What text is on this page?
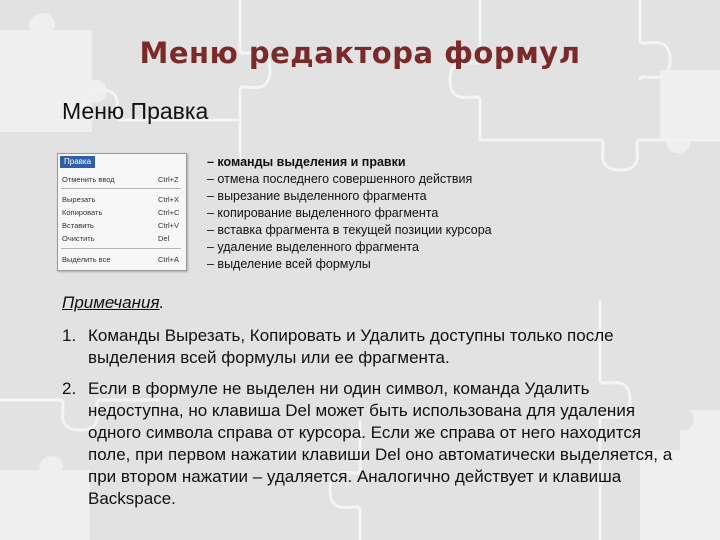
Меню редактора формул
Меню Правка
Правка
Отменить ввод	Ctrl+Z
Вырезать	Ctrl+X
Копировать	Ctrl+C
Вставить	Ctrl+V
Очистить	Del
Выделить все	Ctrl+A
– команды выделения и правки
– отмена последнего совершенного действия
– вырезание выделенного фрагмента
– копирование выделенного фрагмента
– вставка фрагмента в текущей позиции курсора
– удаление выделенного фрагмента
– выделение всей формулы
Примечания.
1. Команды Вырезать, Копировать и Удалить доступны только после выделения всей формулы или ее фрагмента.
2. Если в формуле не выделен ни один символ, команда Удалить недоступна, но клавиша Del может быть использована для удаления одного символа справа от курсора. Если же справа от него находится поле, при первом нажатии клавиши Del оно автоматически выделяется, а при втором нажатии – удаляется. Аналогично действует и клавиша Backspace.
